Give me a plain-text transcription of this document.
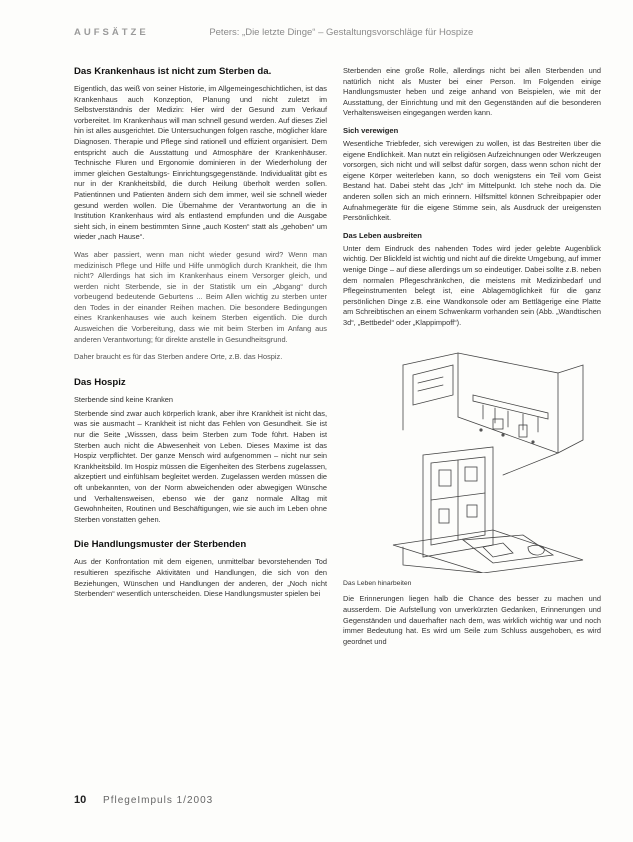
AUFSÄTZE	Peters: „Die letzte Dinge“ – Gestaltungsvorschläge für Hospize
Das Krankenhaus ist nicht zum Sterben da.

Eigentlich, das weiß von seiner Historie, im Allgemeingeschichtlichen, ist das Krankenhaus auch Konzeption, Planung und nicht zuletzt im Selbstverständnis der Medizin: Hier wird der Gesund zum Verkauf vorbereitet. Im Krankenhaus will man schnell gesund werden. Auf dieses Ziel hin ist alles ausgerichtet. Die Untersuchungen folgen rasche, möglicher klare Diagnosen. Therapie und Pflege sind rationell und effizient organisiert. Dem entspricht auch die Ausstattung und Atmosphäre der Krankenhäuser. Technische Fluren und Ergonomie dominieren in der Wiederholung der immer gleichen Gestaltungs- Einrichtungsgegenstände. Individualität gibt es nur in der Krankheitsbild, die durch Heilung überholt werden sollen. Patientinnen und Patienten ändern sich dem immer, weil sie schnell wieder gesund werden wollen. Die Übernahme der Verantwortung an die in Institution Krankenhaus wird als entlastend empfunden und die Ausgabe sieht sich, in einem bestimmten Sinne „auch Kosten“ statt als „gehoben“ um wieder „nach Hause“.

Was aber passiert, wenn man nicht wieder gesund wird? Wenn man medizinisch Pflege und Hilfe und Hilfe unmöglich durch Krankheit, die Ihm nicht? Allerdings hat sich im Krankenhaus einem Versorger gleich, und werden nicht Sterbende, sie in der Statistik um ein „Abgang“ durch vorbeugend bedeutende Geburtens ... Beim Allen wichtig zu sterben unter den Todes in der einander Reihen machen. Die besondere Bedingungen eines Krankenhauses wie auch keinem Sterben eigentlich. Die durch Ausweichen die Vorbereitung, dass wie mit beim Sterben im Anfang aus anderen Verantwortung; für direkte anstelle in Gesundheitsgrund.

Daher braucht es für das Sterben andere Orte, z.B. das Hospiz.

Das Hospiz
Sterbende sind keine Kranken

Sterbende sind zwar auch körperlich krank, aber ihre Krankheit ist nicht das, was sie ausmacht – Krankheit ist nicht das Fehlen von Gesundheit. Sie ist nur die Seite „Wisssen, dass beim Sterben zum Tode führt. Haben ist Sterben auch nicht die Abwesenheit von Leben. Dieses Maxime ist das Hospiz verpflichtet. Der ganze Mensch wird aufgenommen – nicht nur sein Krankheitsbild. Im Hospiz müssen die Eigenheiten des Sterbens zugelassen, akzeptiert und einfühlsam begleitet werden. Zugelassen werden müssen die oft unbekannten, von der Norm abweichenden oder abwegigen Wünsche und Verhaltensweisen, ebenso wie der ganz normale Alltag mit Gewohnheiten, Routinen und Beschäftigungen, wie sie auch im Leben ohne Sterben vonstatten gehen.

Die Handlungsmuster der Sterbenden

Aus der Konfrontation mit dem eigenen, unmittelbar bevorstehenden Tod resultieren spezifische Aktivitäten und Handlungen, die sich von den Beziehungen, Wünschen und Handlungen der anderen, der „Noch nicht Sterbenden“ wesentlich unterscheiden. Diese Handlungsmuster spielen bei

Sterbenden eine große Rolle, allerdings nicht bei allen Sterbenden und natürlich nicht als Muster bei einer Person. Im Folgenden einige Handlungsmuster heben und zeige anhand von Beispielen, wie mit der Ausstattung, der Einrichtung und mit den Gegenständen auf die besonderen Verhaltensweisen eingegangen werden kann.

Sich verewigen

Wesentliche Triebfeder, sich verewigen zu wollen, ist das Bestreiten über die eigene Endlichkeit. Man nutzt ein religiösen Aufzeichnungen oder Werkzeugen vorsorgen, sich nicht und will selbst dafür sorgen, dass wenn schon nicht der eigene Körper weiterleben kann, so doch wenigstens ein Teil vom Geist Bestand hat. Dabei steht das „Ich“ im Mittelpunkt. Ich stehe noch da. Die anderen sollen sich an mich erinnern. Hilfsmittel können Schreibpapier oder Aufnahmegeräte für die eigene Stimme sein, als Ausdruck der ureigensten Persönlichkeit.

Das Leben ausbreiten

Unter dem Eindruck des nahenden Todes wird jeder gelebte Augenblick wichtig. Der Blickfeld ist wichtig und nicht auf die direkte Umgebung, auf immer wenige Dinge – auf diese allerdings um so eindeutiger. Dabei sollte z.B. neben dem normalen Pflegeschränkchen, die meistens mit Medizinbedarf und Pflegeinstrumenten belegt ist, eine Ablagemöglichkeit für die ganz persönlichen Dinge z.B. eine Wandkonsole oder am Bettlägerige eine Platte am Schreibtischen an einem Schwenkarm vorhanden sein (Abb. „Wandtischen 3d“, „Bettbedel“ oder „Klappimpoff“).

Das Leben hinarbeiten

Die Erinnerungen liegen halb die Chance des besser zu machen und ausserdem. Die Aufstellung von unverkürzten Gedanken, Erinnerungen und Gegenständen und dauerhafter nach dem, was wirklich wichtig war und noch immer Bedeutung hat. Es wird um Seile zum Schluss ausgehoben, es wird geordnet und

10 PflegeImpuls 1/2003
